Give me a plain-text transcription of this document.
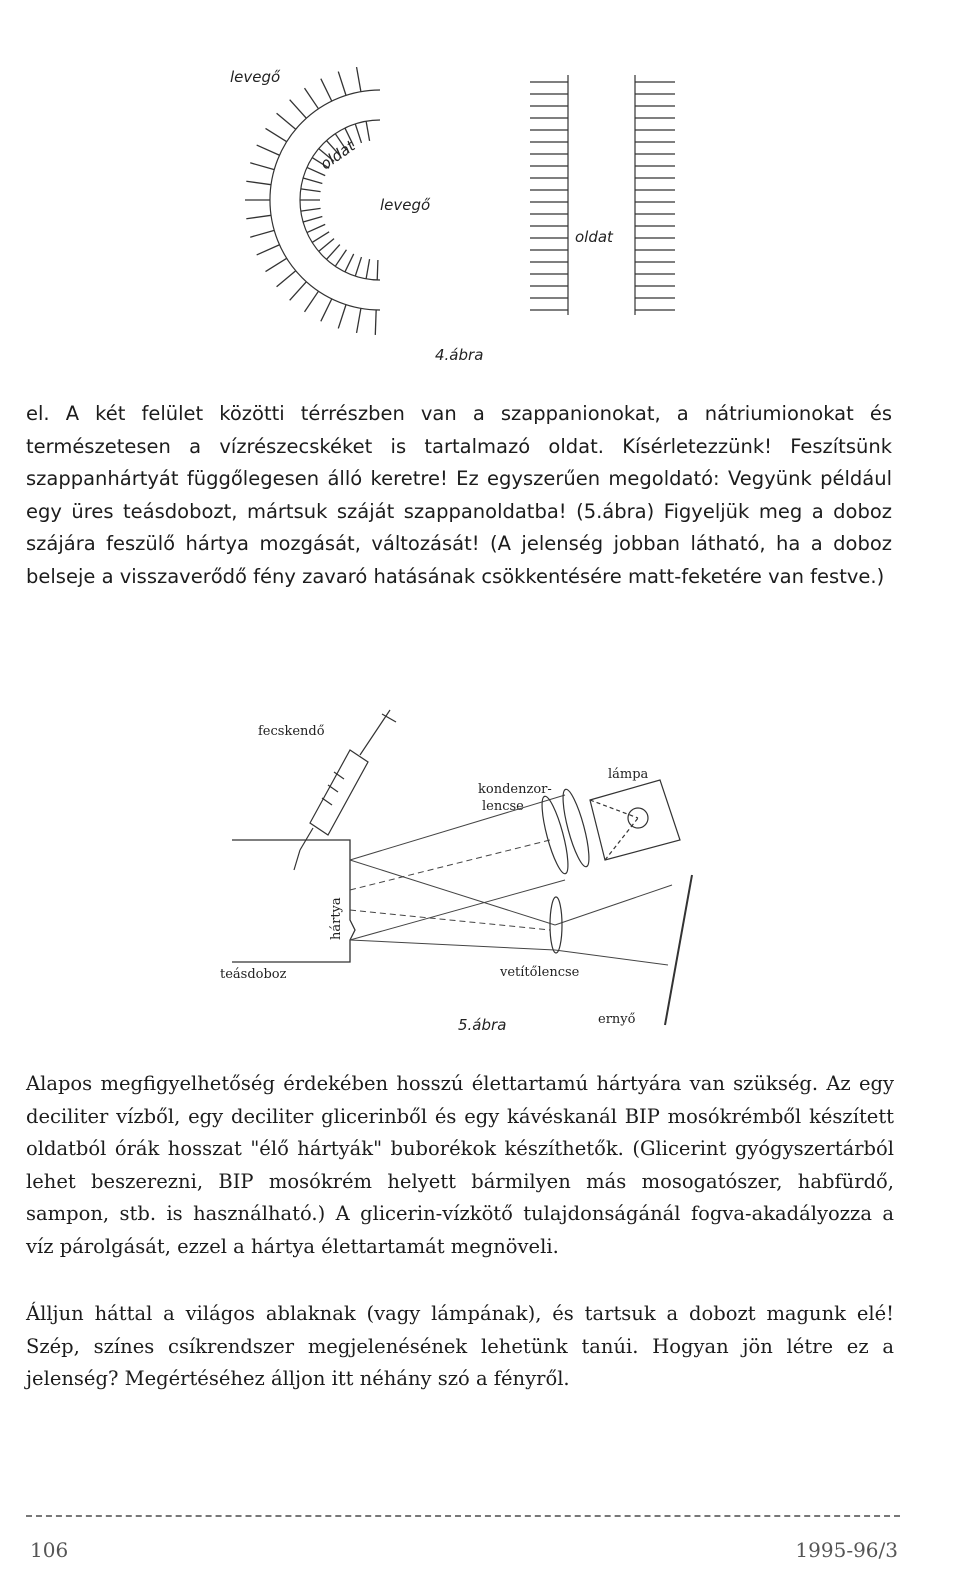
levegő
oldat
levegő
oldat
4.ábra

el. A két felület közötti térrészben van a szappanionokat, a nátriumionokat és természetesen a vízrészecskéket is tartalmazó oldat. Kísérletezzünk! Feszítsünk szappanhártyát függőlegesen álló keretre! Ez egyszerűen megoldató: Vegyünk például egy üres teásdobozt, mártsuk száját szappanoldatba! (5.ábra) Figyeljük meg a doboz szájára feszülő hártya mozgását, változását! (A jelenség jobban látható, ha a doboz belseje a visszaverődő fény zavaró hatásának csökkentésére matt-feketére van festve.)

fecskendő
kondenzor-
lencse
lámpa
hártya
teásdoboz	vetítőlencse
ernyő
5.ábra

Alapos megfigyelhetőség érdekében hosszú élettartamú hártyára van szükség. Az egy deciliter vízből, egy deciliter glicerinből és egy kávéskanál BIP mosókrémből készített oldatból órák hosszat "élő hártyák" buborékok készíthetők. (Glicerint gyógyszertárból lehet beszerezni, BIP mosókrém helyett bármilyen más mosogatószer, habfürdő, sampon, stb. is használható.) A glicerin-vízkötő tulajdonságánál fogva-akadályozza a víz párolgását, ezzel a hártya élettartamát megnöveli.

Álljun háttal a világos ablaknak (vagy lámpának), és tartsuk a dobozt magunk elé! Szép, színes csíkrendszer megjelenésének lehetünk tanúi. Hogyan jön létre ez a jelenség? Megértéséhez álljon itt néhány szó a fényről.

106	1995-96/3
